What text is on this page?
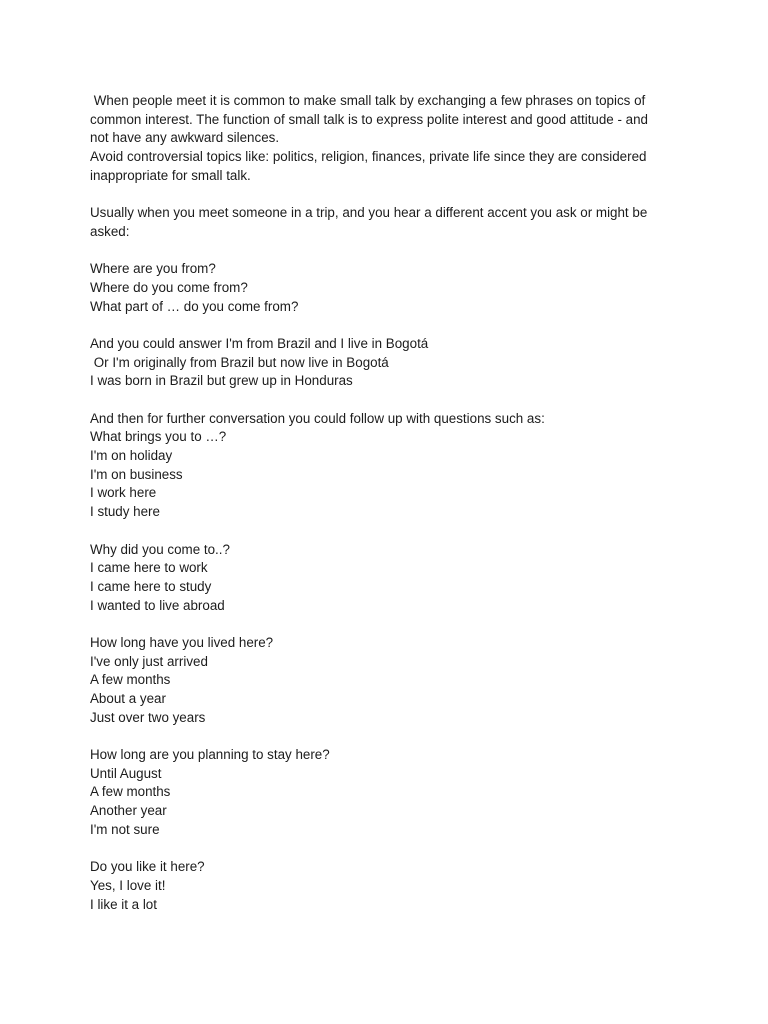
When people meet it is common to make small talk by exchanging a few phrases on topics of
common interest. The function of small talk is to express polite interest and good attitude - and
not have any awkward silences.
Avoid controversial topics like: politics, religion, finances, private life since they are considered
inappropriate for small talk.
Usually when you meet someone in a trip, and you hear a different accent you ask or might be
asked:
Where are you from?
Where do you come from?
What part of … do you come from?
And you could answer I'm from Brazil and I live in Bogotá
Or I'm originally from Brazil but now live in Bogotá
I was born in Brazil but grew up in Honduras
And then for further conversation you could follow up with questions such as:
What brings you to …?
I'm on holiday
I'm on business
I work here
I study here
Why did you come to..?
I came here to work
I came here to study
I wanted to live abroad
How long have you lived here?
I've only just arrived
A few months
About a year
Just over two years
How long are you planning to stay here?
Until August
A few months
Another year
I'm not sure
Do you like it here?
Yes, I love it!
I like it a lot
